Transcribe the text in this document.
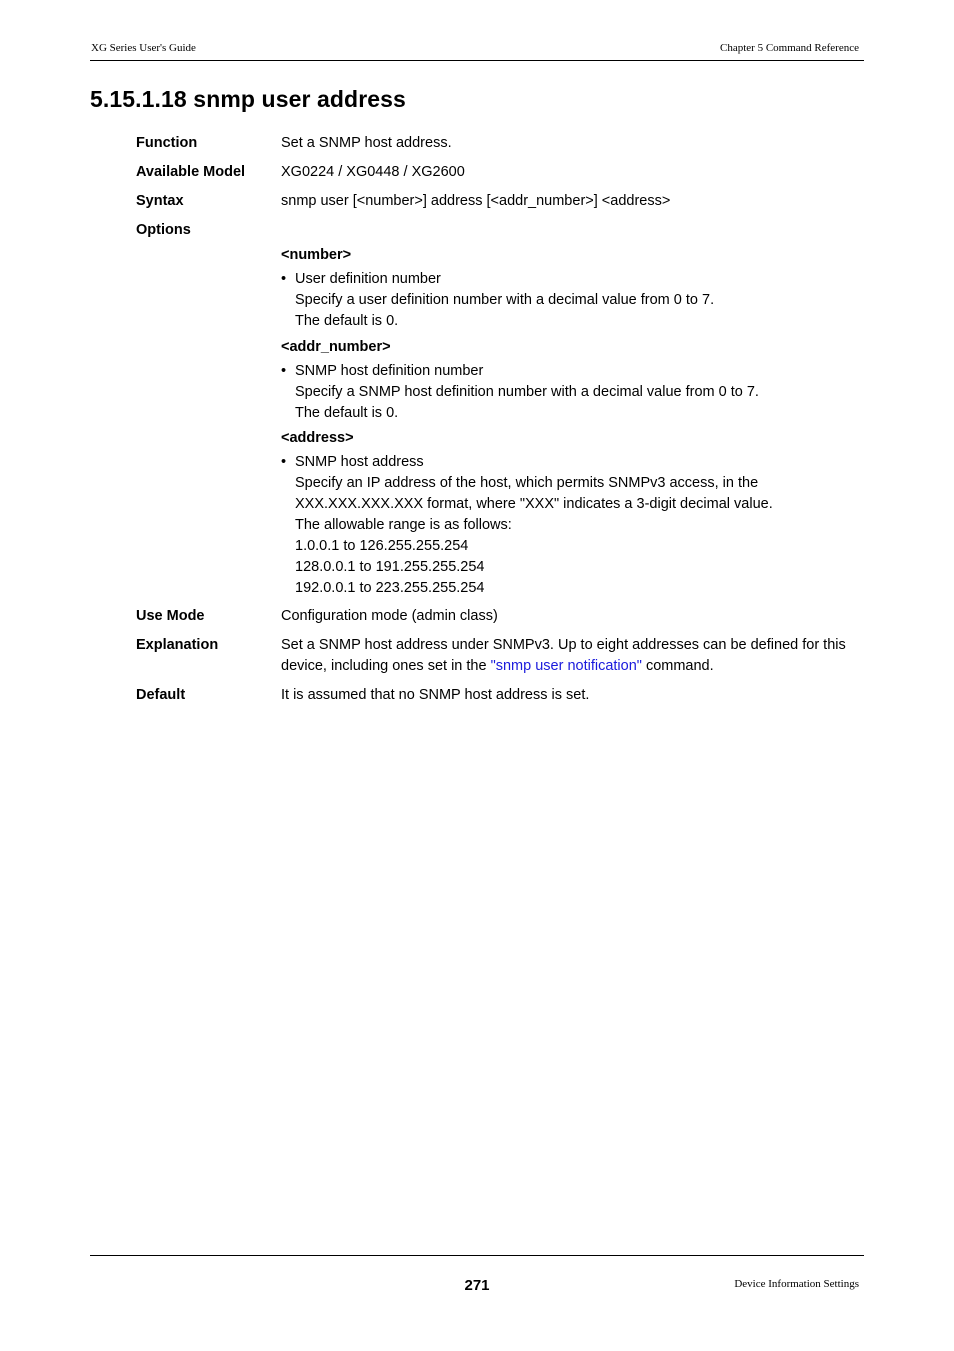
XG Series User's Guide	Chapter 5 Command Reference
5.15.1.18 snmp user address
Function	Set a SNMP host address.
Available Model XG0224 / XG0448 / XG2600
Syntax	snmp user [<number>] address [<addr_number>] <address>
Options
<number>
• User definition number
Specify a user definition number with a decimal value from 0 to 7.
The default is 0.
<addr_number>
• SNMP host definition number
Specify a SNMP host definition number with a decimal value from 0 to 7.
The default is 0.
<address>
• SNMP host address
Specify an IP address of the host, which permits SNMPv3 access, in the
XXX.XXX.XXX.XXX format, where "XXX" indicates a 3-digit decimal value.
The allowable range is as follows:
1.0.0.1 to 126.255.255.254
128.0.0.1 to 191.255.255.254
192.0.0.1 to 223.255.255.254
Use Mode	Configuration mode (admin class)
Explanation	Set a SNMP host address under SNMPv3. Up to eight addresses can be defined for this
device, including ones set in the "snmp user notification" command.
Default	It is assumed that no SNMP host address is set.
271	Device Information Settings
